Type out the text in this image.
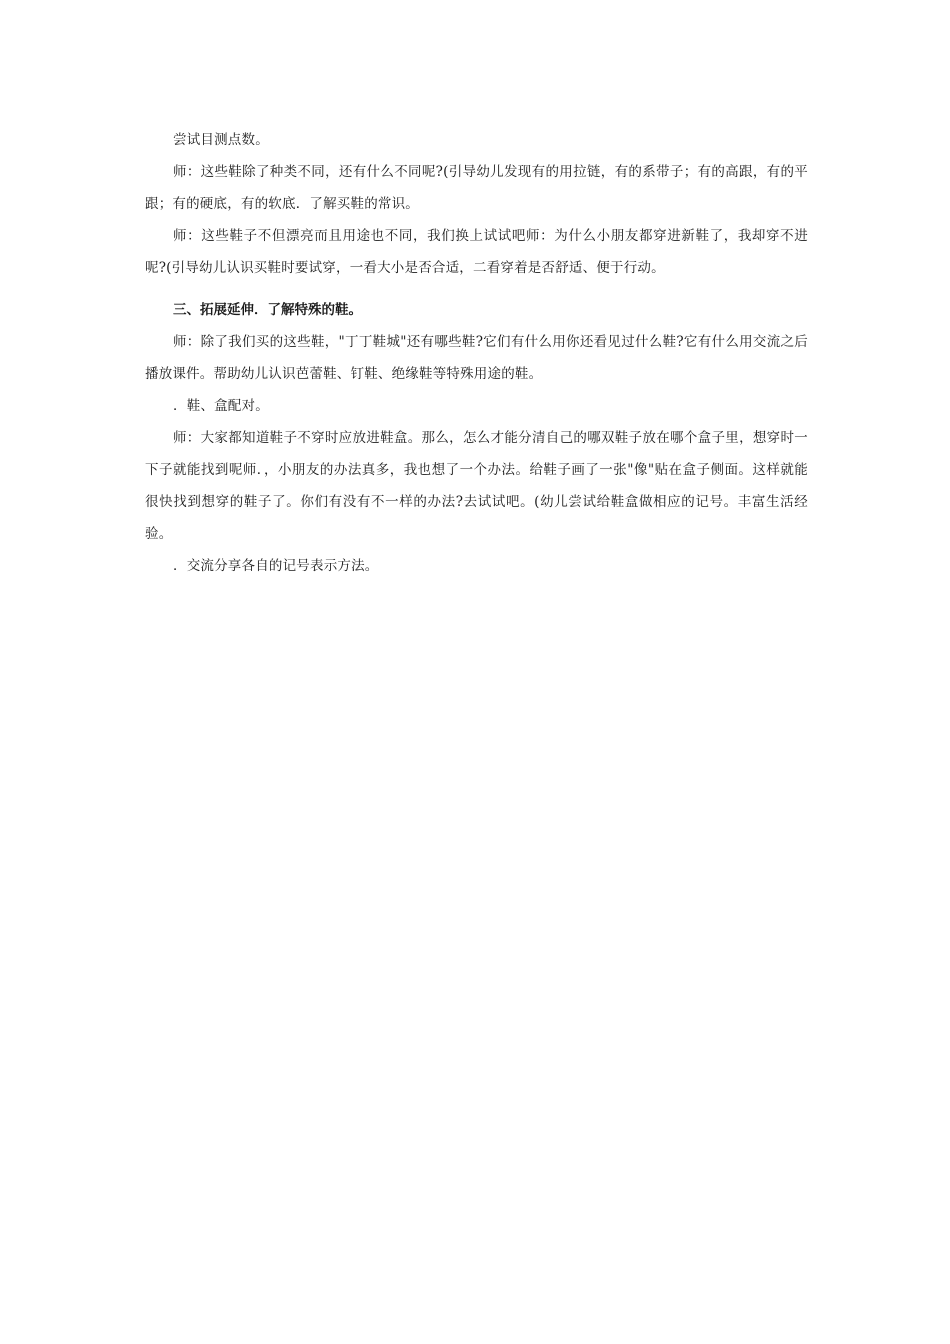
尝试目测点数。

师：这些鞋除了种类不同，还有什么不同呢?(引导幼儿发现有的用拉链，有的系带子；有的高跟，有的平跟；有的硬底，有的软底．了解买鞋的常识。

师：这些鞋子不但漂亮而且用途也不同，我们换上试试吧师：为什么小朋友都穿进新鞋了，我却穿不进呢?(引导幼儿认识买鞋时要试穿，一看大小是否合适，二看穿着是否舒适、便于行动。

三、拓展延伸．了解特殊的鞋。

师：除了我们买的这些鞋，"丁丁鞋城"还有哪些鞋?它们有什么用你还看见过什么鞋?它有什么用交流之后播放课件。帮助幼儿认识芭蕾鞋、钉鞋、绝缘鞋等特殊用途的鞋。

．鞋、盒配对。

师：大家都知道鞋子不穿时应放进鞋盒。那么，怎么才能分清自己的哪双鞋子放在哪个盒子里，想穿时一下子就能找到呢师．，小朋友的办法真多，我也想了一个办法。给鞋子画了一张"像"贴在盒子侧面。这样就能很快找到想穿的鞋子了。你们有没有不一样的办法?去试试吧。(幼儿尝试给鞋盒做相应的记号。丰富生活经验。

．交流分享各自的记号表示方法。
